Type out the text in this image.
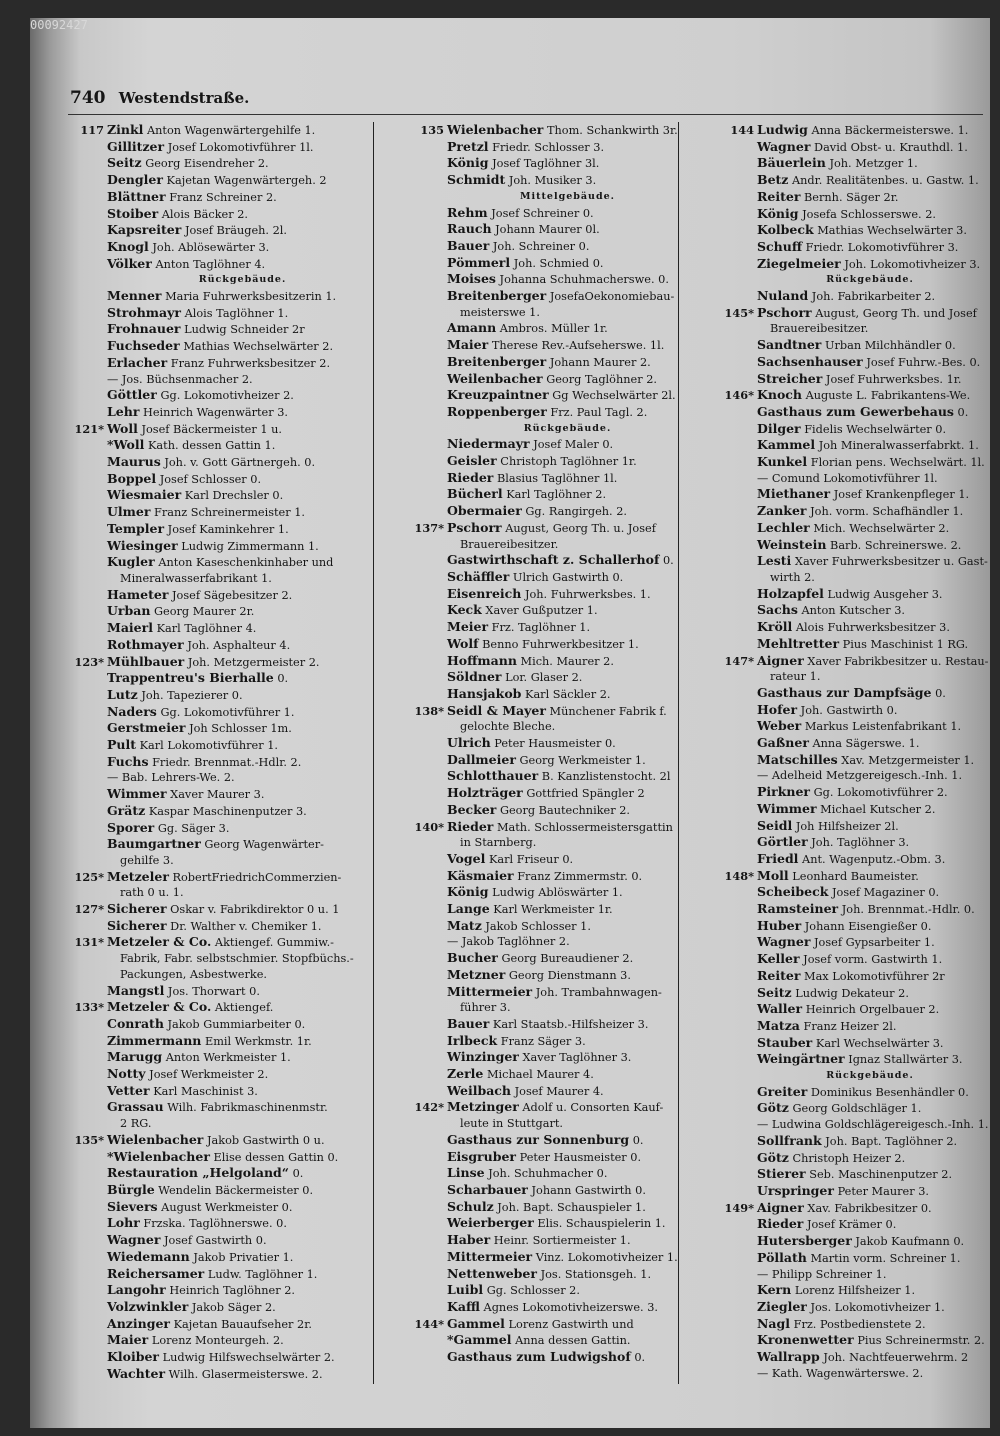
00092427
740 Westendstraße.
117 Zinkl Anton Wagenwärtergehilfe 1.
Gillitzer Josef Lokomotivführer 1l.
Seitz Georg Eisendreher 2.
Dengler Kajetan Wagenwärtergeh. 2
Blättner Franz Schreiner 2.
Stoiber Alois Bäcker 2.
Kapsreiter Josef Bräugeh. 2l.
Knogl Joh. Ablösewärter 3.
Völker Anton Taglöhner 4.
Rückgebäude.
Menner Maria Fuhrwerksbesitzerin 1.
Strohmayr Alois Taglöhner 1.
Frohnauer Ludwig Schneider 2r
Fuchseder Mathias Wechselwärter 2.
Erlacher Franz Fuhrwerksbesitzer 2.
— Jos. Büchsenmacher 2.
Göttler Gg. Lokomotivheizer 2.
Lehr Heinrich Wagenwärter 3.
121* Woll Josef Bäckermeister 1 u.
*Woll Kath. dessen Gattin 1.
Maurus Joh. v. Gott Gärtnergeh. 0.
Boppel Josef Schlosser 0.
Wiesmaier Karl Drechsler 0.
Ulmer Franz Schreinermeister 1.
Templer Josef Kaminkehrer 1.
Wiesinger Ludwig Zimmermann 1.
Kugler Anton Kaseschenkinhaber und
Mineralwasserfabrikant 1.
Hameter Josef Sägebesitzer 2.
Urban Georg Maurer 2r.
Maierl Karl Taglöhner 4.
Rothmayer Joh. Asphalteur 4.
123* Mühlbauer Joh. Metzgermeister 2.
Trappentreu's Bierhalle 0.
Lutz Joh. Tapezierer 0.
Naders Gg. Lokomotivführer 1.
Gerstmeier Joh Schlosser 1m.
Pult Karl Lokomotivführer 1.
Fuchs Friedr. Brennmat.-Hdlr. 2.
— Bab. Lehrers-We. 2.
Wimmer Xaver Maurer 3.
Grätz Kaspar Maschinenputzer 3.
Sporer Gg. Säger 3.
Baumgartner Georg Wagenwärter-
gehilfe 3.
125* Metzeler RobertFriedrichCommerzien-
rath 0 u. 1.
127* Sicherer Oskar v. Fabrikdirektor 0 u. 1
Sicherer Dr. Walther v. Chemiker 1.
131* Metzeler & Co. Aktiengef. Gummiw.-
Fabrik, Fabr. selbstschmier. Stopfbüchs.-
Packungen, Asbestwerke.
Mangstl Jos. Thorwart 0.
133* Metzeler & Co. Aktiengef.
Conrath Jakob Gummiarbeiter 0.
Zimmermann Emil Werkmstr. 1r.
Marugg Anton Werkmeister 1.
Notty Josef Werkmeister 2.
Vetter Karl Maschinist 3.
Grassau Wilh. Fabrikmaschinenmstr.
2 RG.
135* Wielenbacher Jakob Gastwirth 0 u.
*Wielenbacher Elise dessen Gattin 0.
Restauration „Helgoland“ 0.
Bürgle Wendelin Bäckermeister 0.
Sievers August Werkmeister 0.
Lohr Frzska. Taglöhnerswe. 0.
Wagner Josef Gastwirth 0.
Wiedemann Jakob Privatier 1.
Reichersamer Ludw. Taglöhner 1.
Langohr Heinrich Taglöhner 2.
Volzwinkler Jakob Säger 2.
Anzinger Kajetan Bauaufseher 2r.
Maier Lorenz Monteurgeh. 2.
Kloiber Ludwig Hilfswechselwärter 2.
Wachter Wilh. Glasermeisterswe. 2.
135 Wielenbacher Thom. Schankwirth 3r.
Pretzl Friedr. Schlosser 3.
König Josef Taglöhner 3l.
Schmidt Joh. Musiker 3.
Mittelgebäude.
Rehm Josef Schreiner 0.
Rauch Johann Maurer 0l.
Bauer Joh. Schreiner 0.
Pömmerl Joh. Schmied 0.
Moises Johanna Schuhmacherswe. 0.
Breitenberger JosefaOekonomiebau-
meisterswe 1.
Amann Ambros. Müller 1r.
Maier Therese Rev.-Aufseherswe. 1l.
Breitenberger Johann Maurer 2.
Weilenbacher Georg Taglöhner 2.
Kreuzpaintner Gg Wechselwärter 2l.
Roppenberger Frz. Paul Tagl. 2.
Rückgebäude.
Niedermayr Josef Maler 0.
Geisler Christoph Taglöhner 1r.
Rieder Blasius Taglöhner 1l.
Bücherl Karl Taglöhner 2.
Obermaier Gg. Rangirgeh. 2.
137* Pschorr August, Georg Th. u. Josef
Brauereibesitzer.
Gastwirthschaft z. Schallerhof 0.
Schäffler Ulrich Gastwirth 0.
Eisenreich Joh. Fuhrwerksbes. 1.
Keck Xaver Gußputzer 1.
Meier Frz. Taglöhner 1.
Wolf Benno Fuhrwerkbesitzer 1.
Hoffmann Mich. Maurer 2.
Söldner Lor. Glaser 2.
Hansjakob Karl Säckler 2.
138* Seidl & Mayer Münchener Fabrik f.
gelochte Bleche.
Ulrich Peter Hausmeister 0.
Dallmeier Georg Werkmeister 1.
Schlotthauer B. Kanzlistenstocht. 2l
Holzträger Gottfried Spängler 2
Becker Georg Bautechniker 2.
140* Rieder Math. Schlossermeistersgattin
in Starnberg.
Vogel Karl Friseur 0.
Käsmaier Franz Zimmermstr. 0.
König Ludwig Ablöswärter 1.
Lange Karl Werkmeister 1r.
Matz Jakob Schlosser 1.
— Jakob Taglöhner 2.
Bucher Georg Bureaudiener 2.
Metzner Georg Dienstmann 3.
Mittermeier Joh. Trambahnwagen-
führer 3.
Bauer Karl Staatsb.-Hilfsheizer 3.
Irlbeck Franz Säger 3.
Winzinger Xaver Taglöhner 3.
Zerle Michael Maurer 4.
Weilbach Josef Maurer 4.
142* Metzinger Adolf u. Consorten Kauf-
leute in Stuttgart.
Gasthaus zur Sonnenburg 0.
Eisgruber Peter Hausmeister 0.
Linse Joh. Schuhmacher 0.
Scharbauer Johann Gastwirth 0.
Schulz Joh. Bapt. Schauspieler 1.
Weierberger Elis. Schauspielerin 1.
Haber Heinr. Sortiermeister 1.
Mittermeier Vinz. Lokomotivheizer 1.
Nettenweber Jos. Stationsgeh. 1.
Luibl Gg. Schlosser 2.
Kaffl Agnes Lokomotivheizerswe. 3.
144* Gammel Lorenz Gastwirth und
*Gammel Anna dessen Gattin.
Gasthaus zum Ludwigshof 0.
144 Ludwig Anna Bäckermeisterswe. 1.
Wagner David Obst- u. Krauthdl. 1.
Bäuerlein Joh. Metzger 1.
Betz Andr. Realitätenbes. u. Gastw. 1.
Reiter Bernh. Säger 2r.
König Josefa Schlosserswe. 2.
Kolbeck Mathias Wechselwärter 3.
Schuff Friedr. Lokomotivführer 3.
Ziegelmeier Joh. Lokomotivheizer 3.
Rückgebäude.
Nuland Joh. Fabrikarbeiter 2.
145* Pschorr August, Georg Th. und Josef
Brauereibesitzer.
Sandtner Urban Milchhändler 0.
Sachsenhauser Josef Fuhrw.-Bes. 0.
Streicher Josef Fuhrwerksbes. 1r.
146* Knoch Auguste L. Fabrikantens-We.
Gasthaus zum Gewerbehaus 0.
Dilger Fidelis Wechselwärter 0.
Kammel Joh Mineralwasserfabrkt. 1.
Kunkel Florian pens. Wechselwärt. 1l.
— Comund Lokomotivführer 1l.
Miethaner Josef Krankenpfleger 1.
Zanker Joh. vorm. Schafhändler 1.
Lechler Mich. Wechselwärter 2.
Weinstein Barb. Schreinerswe. 2.
Lesti Xaver Fuhrwerksbesitzer u. Gast-
wirth 2.
Holzapfel Ludwig Ausgeher 3.
Sachs Anton Kutscher 3.
Kröll Alois Fuhrwerksbesitzer 3.
Mehltretter Pius Maschinist 1 RG.
147* Aigner Xaver Fabrikbesitzer u. Restau-
rateur 1.
Gasthaus zur Dampfsäge 0.
Hofer Joh. Gastwirth 0.
Weber Markus Leistenfabrikant 1.
Gaßner Anna Sägerswe. 1.
Matschilles Xav. Metzgermeister 1.
— Adelheid Metzgereigesch.-Inh. 1.
Pirkner Gg. Lokomotivführer 2.
Wimmer Michael Kutscher 2.
Seidl Joh Hilfsheizer 2l.
Görtler Joh. Taglöhner 3.
Friedl Ant. Wagenputz.-Obm. 3.
148* Moll Leonhard Baumeister.
Scheibeck Josef Magaziner 0.
Ramsteiner Joh. Brennmat.-Hdlr. 0.
Huber Johann Eisengießer 0.
Wagner Josef Gypsarbeiter 1.
Keller Josef vorm. Gastwirth 1.
Reiter Max Lokomotivführer 2r
Seitz Ludwig Dekateur 2.
Waller Heinrich Orgelbauer 2.
Matza Franz Heizer 2l.
Stauber Karl Wechselwärter 3.
Weingärtner Ignaz Stallwärter 3.
Rückgebäude.
Greiter Dominikus Besenhändler 0.
Götz Georg Goldschläger 1.
— Ludwina Goldschlägereigesch.-Inh. 1.
Sollfrank Joh. Bapt. Taglöhner 2.
Götz Christoph Heizer 2.
Stierer Seb. Maschinenputzer 2.
Urspringer Peter Maurer 3.
149* Aigner Xav. Fabrikbesitzer 0.
Rieder Josef Krämer 0.
Hutersberger Jakob Kaufmann 0.
Pöllath Martin vorm. Schreiner 1.
— Philipp Schreiner 1.
Kern Lorenz Hilfsheizer 1.
Ziegler Jos. Lokomotivheizer 1.
Nagl Frz. Postbedienstete 2.
Kronenwetter Pius Schreinermstr. 2.
Wallrapp Joh. Nachtfeuerwehrm. 2
— Kath. Wagenwärterswe. 2.
